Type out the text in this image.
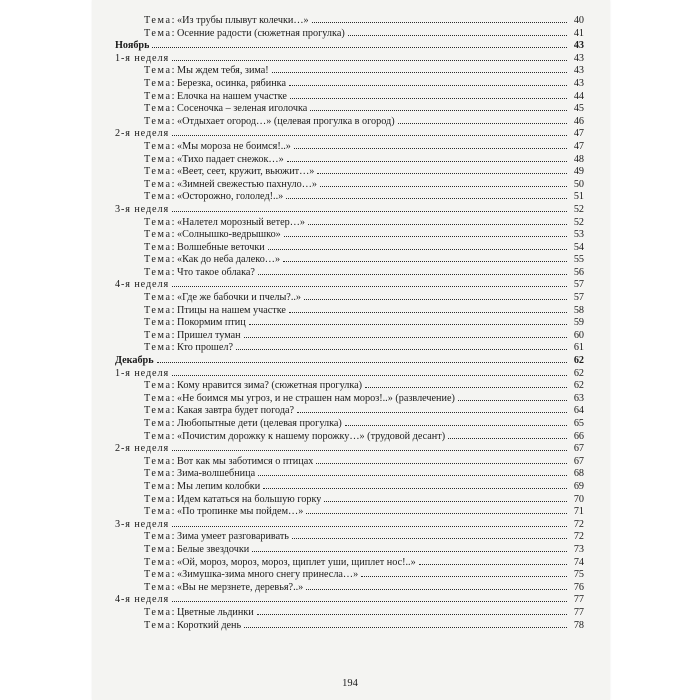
Тема: «Из трубы плывут колечки…»	40
Тема: Осенние радости (сюжетная прогулка)	41
Ноябрь	43
1-я неделя	43
Тема: Мы ждем тебя, зима!	43
Тема: Березка, осинка, рябинка	43
Тема: Елочка на нашем участке	44
Тема: Сосеночка – зеленая иголочка	45
Тема: «Отдыхает огород…» (целевая прогулка в огород)	46
2-я неделя	47
Тема: «Мы мороза не боимся!..»	47
Тема: «Тихо падает снежок…»	48
Тема: «Веет, сеет, кружит, вьюжит…»	49
Тема: «Зимней свежестью пахнуло…»	50
Тема: «Осторожно, гололед!..»	51
3-я неделя	52
Тема: «Налетел морозный ветер…»	52
Тема: «Солнышко-ведрышко»	53
Тема: Волшебные веточки	54
Тема: «Как до неба далеко…»	55
Тема: Что такое облака?	56
4-я неделя	57
Тема: «Где же бабочки и пчелы?..»	57
Тема: Птицы на нашем участке	58
Тема: Покормим птиц	59
Тема: Пришел туман	60
Тема: Кто прошел?	61
Декабрь	62
1-я неделя	62
Тема: Кому нравится зима? (сюжетная прогулка)	62
Тема: «Не боимся мы угроз, и не страшен нам мороз!..» (развлечение)	63
Тема: Какая завтра будет погода?	64
Тема: Любопытные дети (целевая прогулка)	65
Тема: «Почистим дорожку к нашему порожку…» (трудовой десант)	66
2-я неделя	67
Тема: Вот как мы заботимся о птицах	67
Тема: Зима-волшебница	68
Тема: Мы лепим колобки	69
Тема: Идем кататься на большую горку	70
Тема: «По тропинке мы пойдем…»	71
3-я неделя	72
Тема: Зима умеет разговаривать	72
Тема: Белые звездочки	73
Тема: «Ой, мороз, мороз, мороз, щиплет уши, щиплет нос!..»	74
Тема: «Зимушка-зима много снегу принесла…»	75
Тема: «Вы не мерзнете, деревья?..»	76
4-я неделя	77
Тема: Цветные льдинки	77
Тема: Короткий день	78
194
